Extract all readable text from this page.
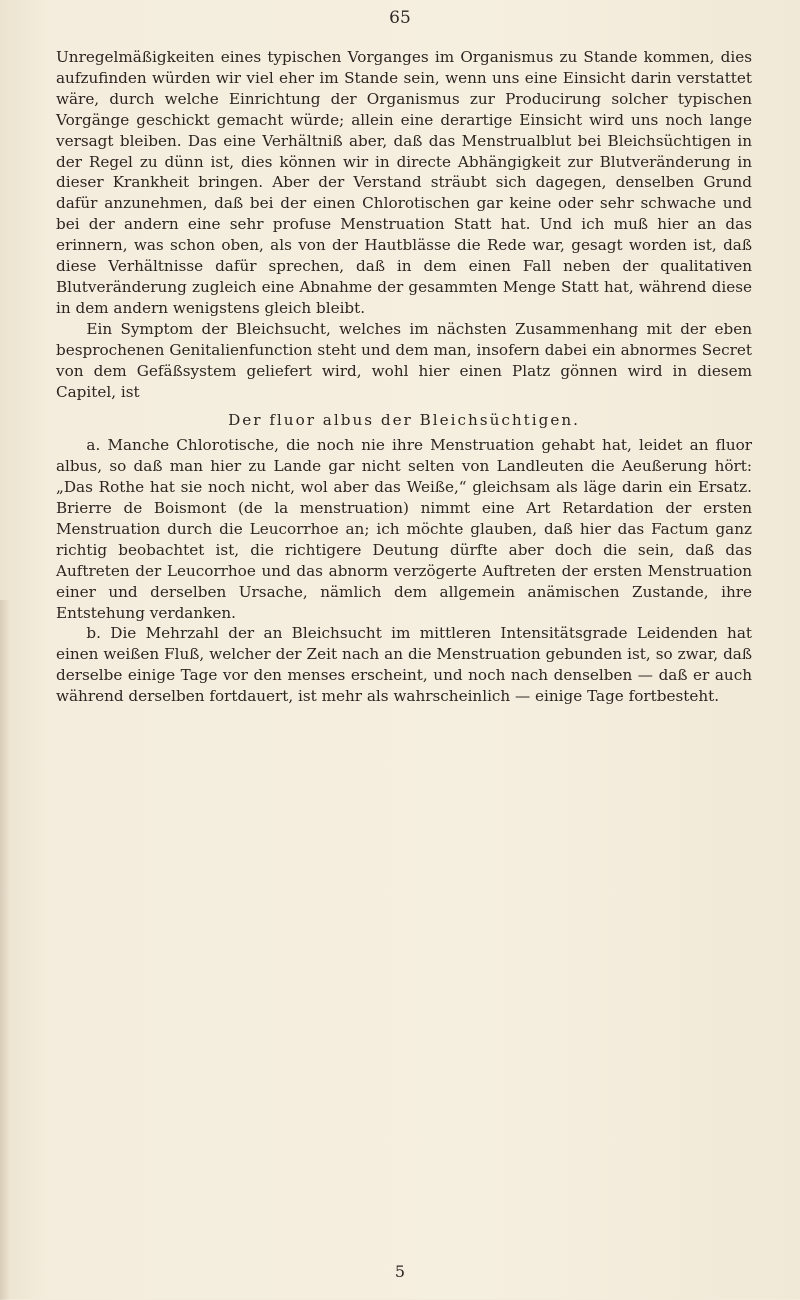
65

Unregelmäßigkeiten eines typischen Vorganges im Organismus zu Stande kommen, dies aufzufinden würden wir viel eher im Stande sein, wenn uns eine Einsicht darin verstattet wäre, durch welche Einrichtung der Organismus zur Producirung solcher typischen Vorgänge geschickt gemacht würde; allein eine derartige Einsicht wird uns noch lange versagt bleiben. Das eine Verhältniß aber, daß das Menstrualblut bei Bleichsüchtigen in der Regel zu dünn ist, dies können wir in directe Abhängigkeit zur Blutveränderung in dieser Krankheit bringen. Aber der Verstand sträubt sich dagegen, denselben Grund dafür anzunehmen, daß bei der einen Chlorotischen gar keine oder sehr schwache und bei der andern eine sehr profuse Menstruation Statt hat. Und ich muß hier an das erinnern, was schon oben, als von der Hautblässe die Rede war, gesagt worden ist, daß diese Verhältnisse dafür sprechen, daß in dem einen Fall neben der qualitativen Blutveränderung zugleich eine Abnahme der gesammten Menge Statt hat, während diese in dem andern wenigstens gleich bleibt.

Ein Symptom der Bleichsucht, welches im nächsten Zusammenhang mit der eben besprochenen Genitalienfunction steht und dem man, insofern dabei ein abnormes Secret von dem Gefäßsystem geliefert wird, wohl hier einen Platz gönnen wird in diesem Capitel, ist

Der fluor albus der Bleichsüchtigen.

a. Manche Chlorotische, die noch nie ihre Menstruation gehabt hat, leidet an fluor albus, so daß man hier zu Lande gar nicht selten von Landleuten die Aeußerung hört: „Das Rothe hat sie noch nicht, wol aber das Weiße,“ gleichsam als läge darin ein Ersatz. Brierre de Boismont (de la menstruation) nimmt eine Art Retardation der ersten Menstruation durch die Leucorrhoe an; ich möchte glauben, daß hier das Factum ganz richtig beobachtet ist, die richtigere Deutung dürfte aber doch die sein, daß das Auftreten der Leucorrhoe und das abnorm verzögerte Auftreten der ersten Menstruation einer und derselben Ursache, nämlich dem allgemein anämischen Zustande, ihre Entstehung verdanken.

b. Die Mehrzahl der an Bleichsucht im mittleren Intensitätsgrade Leidenden hat einen weißen Fluß, welcher der Zeit nach an die Menstruation gebunden ist, so zwar, daß derselbe einige Tage vor den menses erscheint, und noch nach denselben — daß er auch während derselben fortdauert, ist mehr als wahrscheinlich — einige Tage fortbesteht.

5
